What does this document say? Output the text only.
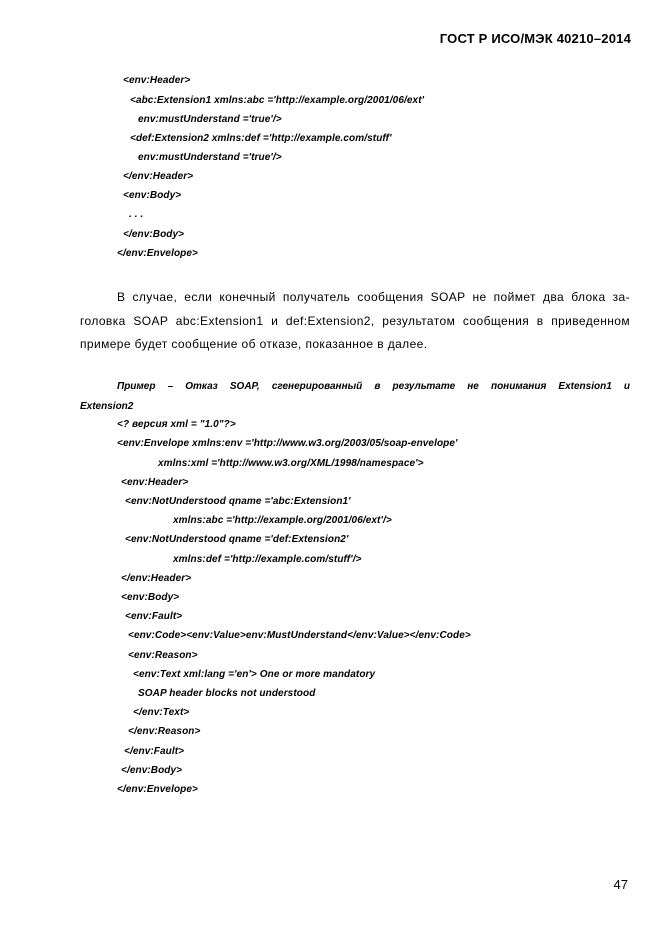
ГОСТ Р ИСО/МЭК 40210–2014
<env:Header>
<abc:Extension1 xmlns:abc ='http://example.org/2001/06/ext'
env:mustUnderstand ='true'/>
<def:Extension2 xmlns:def ='http://example.com/stuff'
env:mustUnderstand ='true'/>
</env:Header>
<env:Body>
. . .
</env:Body>
</env:Envelope>
В случае, если конечный получатель сообщения SOAP не поймет два блока за-
головка SOAP abc:Extension1 и def:Extension2, результатом сообщения в приведенном
примере будет сообщение об отказе, показанное в далее.
Пример – Отказ SOAP, сгенерированный в результате не понимания Extension1 и
Extension2
<? версия xml = "1.0"?>
<env:Envelope xmlns:env ='http://www.w3.org/2003/05/soap-envelope'
xmlns:xml ='http://www.w3.org/XML/1998/namespace'>
<env:Header>
<env:NotUnderstood qname ='abc:Extension1'
xmlns:abc ='http://example.org/2001/06/ext'/>
<env:NotUnderstood qname ='def:Extension2'
xmlns:def ='http://example.com/stuff'/>
</env:Header>
<env:Body>
<env:Fault>
<env:Code><env:Value>env:MustUnderstand</env:Value></env:Code>
<env:Reason>
<env:Text xml:lang ='en'> One or more mandatory
SOAP header blocks not understood
</env:Text>
</env:Reason>
</env:Fault>
</env:Body>
</env:Envelope>
47
